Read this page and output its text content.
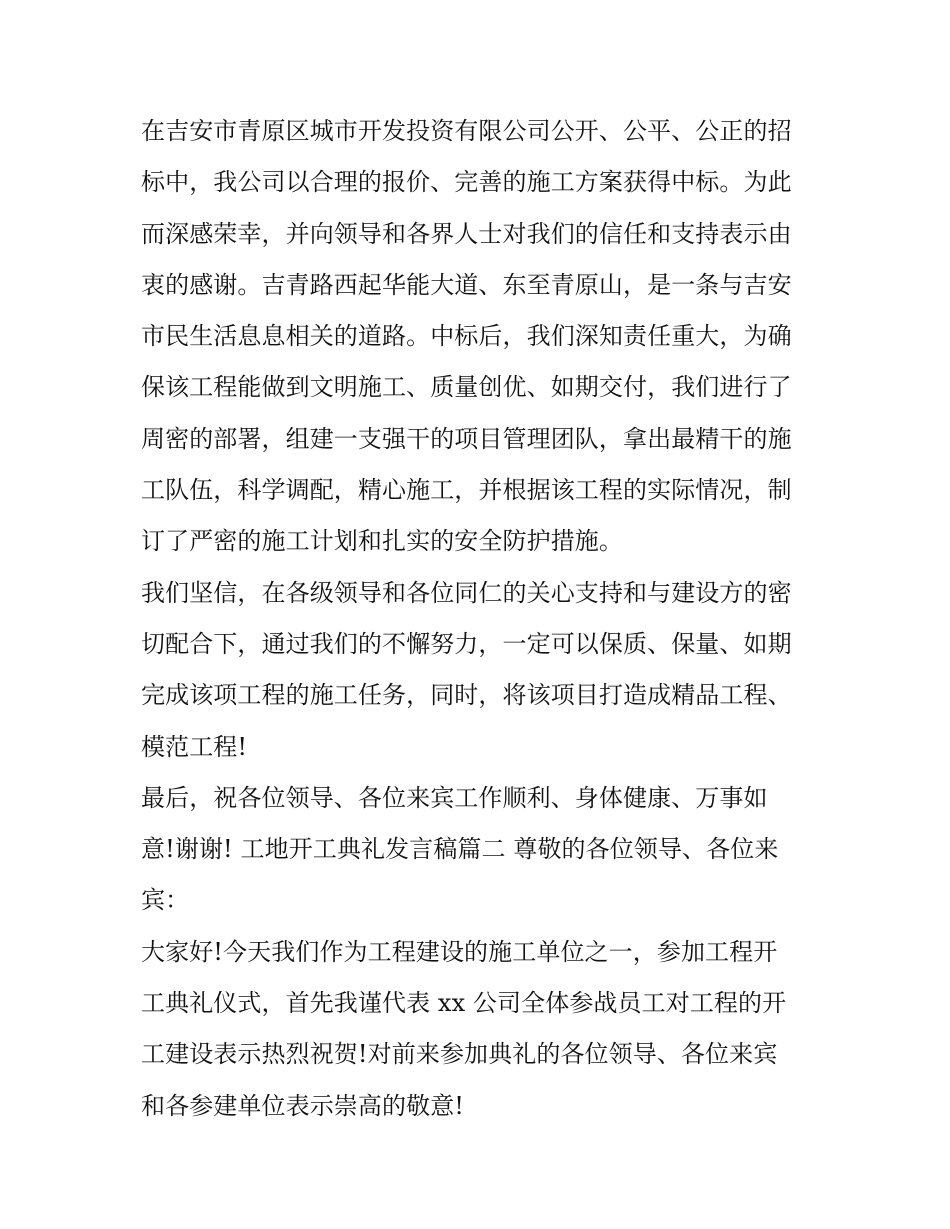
在吉安市青原区城市开发投资有限公司公开、公平、公正的招
标中，我公司以合理的报价、完善的施工方案获得中标。为此
而深感荣幸，并向领导和各界人士对我们的信任和支持表示由
衷的感谢。吉青路西起华能大道、东至青原山，是一条与吉安
市民生活息息相关的道路。中标后，我们深知责任重大，为确
保该工程能做到文明施工、质量创优、如期交付，我们进行了
周密的部署，组建一支强干的项目管理团队，拿出最精干的施
工队伍，科学调配，精心施工，并根据该工程的实际情况，制
订了严密的施工计划和扎实的安全防护措施。
我们坚信，在各级领导和各位同仁的关心支持和与建设方的密
切配合下，通过我们的不懈努力，一定可以保质、保量、如期
完成该项工程的施工任务，同时，将该项目打造成精品工程、
模范工程!
最后，祝各位领导、各位来宾工作顺利、身体健康、万事如
意!谢谢! 工地开工典礼发言稿篇二 尊敬的各位领导、各位来
宾：
大家好!今天我们作为工程建设的施工单位之一，参加工程开
工典礼仪式，首先我谨代表 xx 公司全体参战员工对工程的开
工建设表示热烈祝贺!对前来参加典礼的各位领导、各位来宾
和各参建单位表示崇高的敬意!
